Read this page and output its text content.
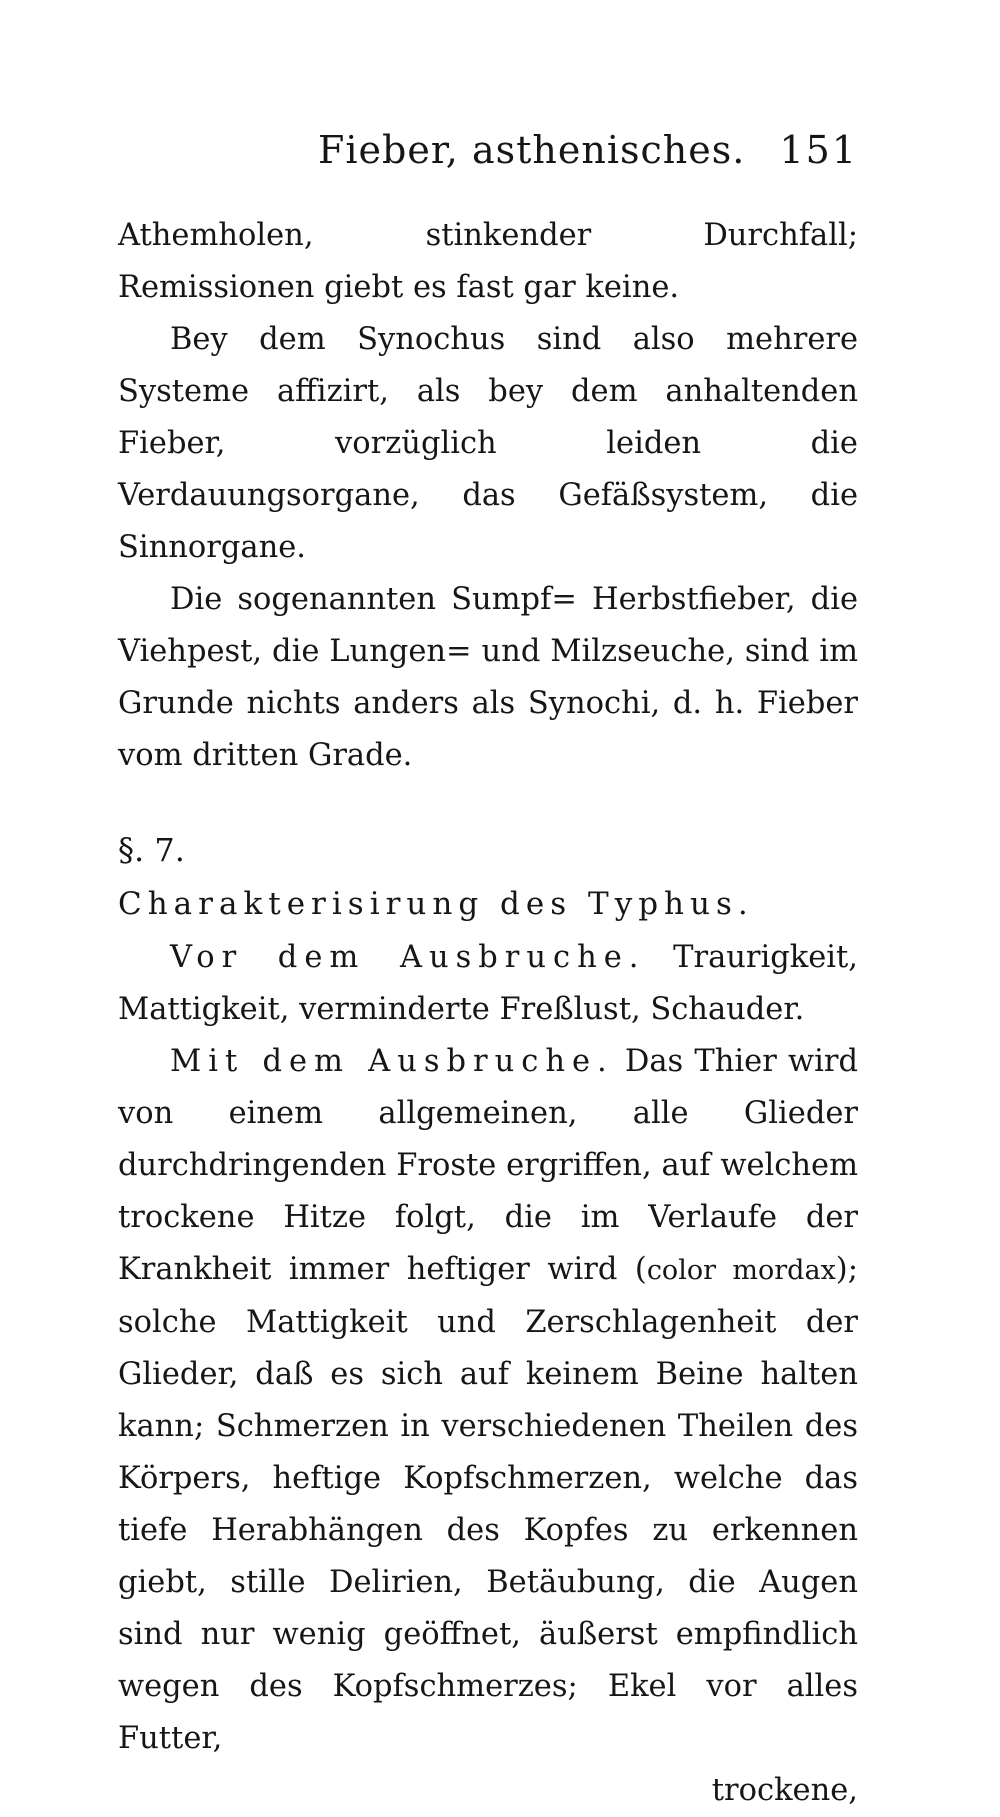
Fieber, asthenisches. 151

Athemholen, stinkender Durchfall; Remissionen giebt es fast gar keine.

Bey dem Synochus sind also mehrere Systeme affizirt, als bey dem anhaltenden Fieber, vorzüglich leiden die Verdauungsorgane, das Gefäßsystem, die Sinnorgane.

Die sogenannten Sumpf= Herbstfieber, die Viehpest, die Lungen= und Milzseuche, sind im Grunde nichts anders als Synochi, d. h. Fieber vom dritten Grade.

§. 7.

Charakterisirung des Typhus.

Vor dem Ausbruche. Traurigkeit, Mattigkeit, verminderte Freßlust, Schauder.

Mit dem Ausbruche. Das Thier wird von einem allgemeinen, alle Glieder durchdringenden Froste ergriffen, auf welchem trockene Hitze folgt, die im Verlaufe der Krankheit immer heftiger wird (color mordax); solche Mattigkeit und Zerschlagenheit der Glieder, daß es sich auf keinem Beine halten kann; Schmerzen in verschiedenen Theilen des Körpers, heftige Kopfschmerzen, welche das tiefe Herabhängen des Kopfes zu erkennen giebt, stille Delirien, Betäubung, die Augen sind nur wenig geöffnet, äußerst empfindlich wegen des Kopfschmerzes; Ekel vor alles Futter,

trockene,
